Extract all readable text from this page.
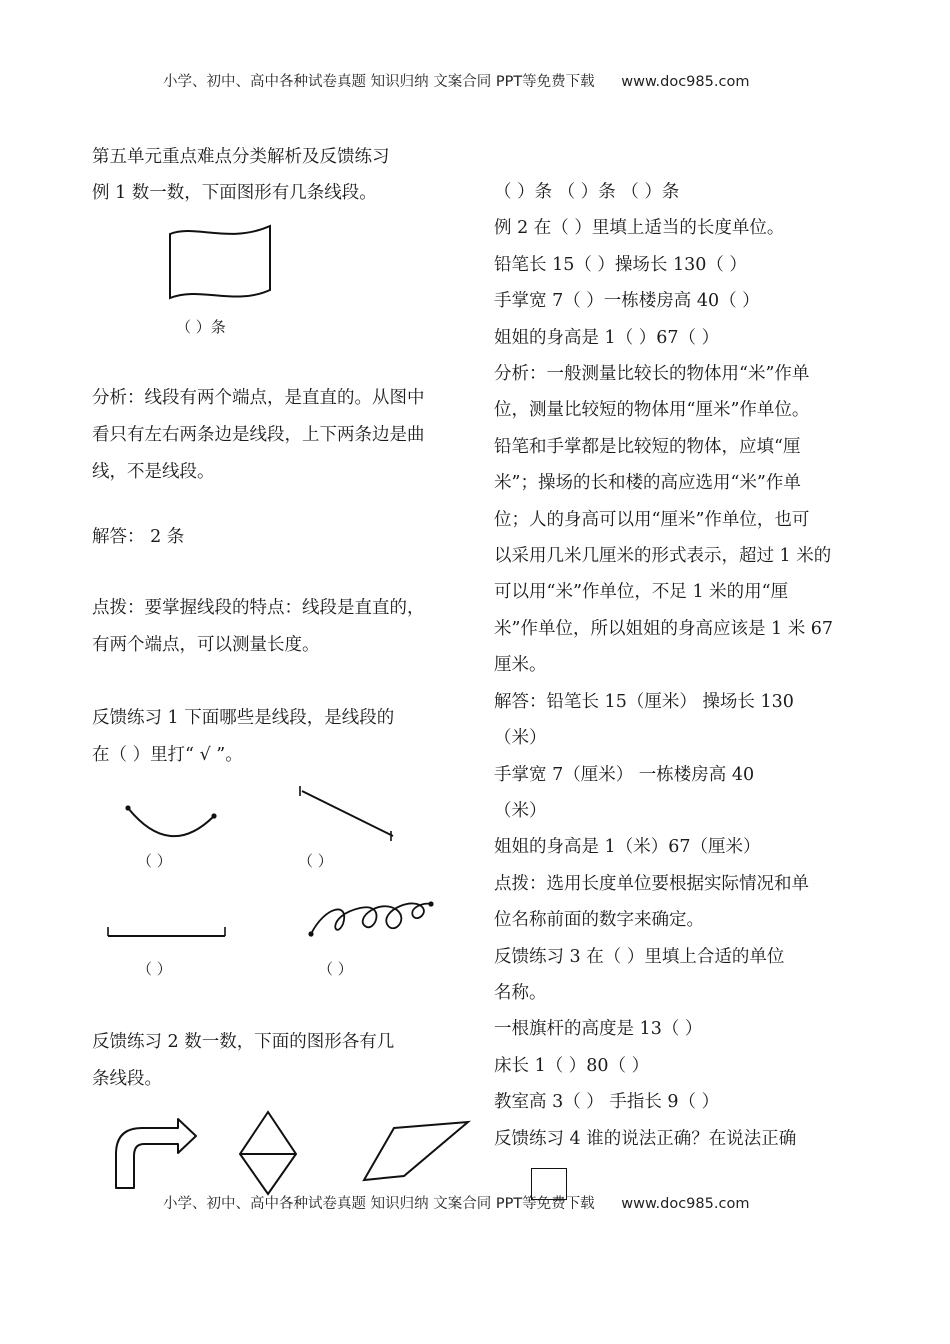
小学、初中、高中各种试卷真题 知识归纳 文案合同 PPT等免费下载 www.doc985.com
第五单元重点难点分类解析及反馈练习
例 1 数一数，下面图形有几条线段。
（ ）条

分析：线段有两个端点，是直直的。从图中

看只有左右两条边是线段，上下两条边是曲

线，不是线段。

解答： 2 条

点拨：要掌握线段的特点：线段是直直的，

有两个端点，可以测量长度。

反馈练习 1 下面哪些是线段，是线段的

在（ ）里打“ √ ”。

（ ）	（ ）
（ ）	（ ）

反馈练习 2 数一数，下面的图形各有几

条线段。

（ ）条 （ ）条 （ ）条

例 2 在（ ）里填上适当的长度单位。

铅笔长 15（ ）操场长 130（ ）

手掌宽 7（ ）一栋楼房高 40（ ）

姐姐的身高是 1（ ）67（ ）

分析：一般测量比较长的物体用“米”作单

位，测量比较短的物体用“厘米”作单位。

铅笔和手掌都是比较短的物体，应填“厘

米”；操场的长和楼的高应选用“米”作单

位；人的身高可以用“厘米”作单位，也可

以采用几米几厘米的形式表示，超过 1 米的

可以用“米”作单位，不足 1 米的用“厘

米”作单位，所以姐姐的身高应该是 1 米 67

厘米。

解答：铅笔长 15（厘米） 操场长 130

（米）

手掌宽 7（厘米） 一栋楼房高 40

（米）

姐姐的身高是 1（米）67（厘米）

点拨：选用长度单位要根据实际情况和单

位名称前面的数字来确定。

反馈练习 3 在（ ）里填上合适的单位

名称。

一根旗杆的高度是 13（ ）

床长 1（ ）80（ ）

教室高 3（ ） 手指长 9（ ）

反馈练习 4 谁的说法正确？在说法正确

小学、初中、高中各种试卷真题 知识归纳 文案合同 PPT等免费下载 www.doc985.com
